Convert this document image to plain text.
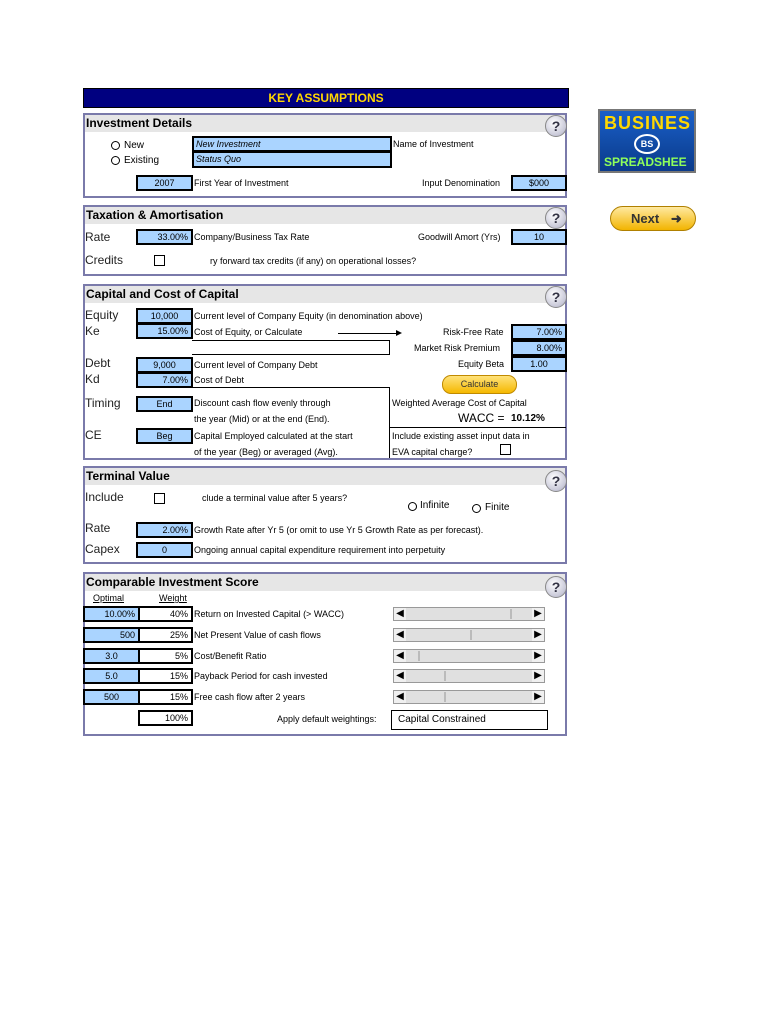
KEY ASSUMPTIONS
BUSINES
BS
SPREADSHEE
Next ➜
Investment Details	?
New
Existing
New Investment
Status Quo
Name of Investment
2007	First Year of Investment	Input Denomination	$000
Taxation & Amortisation	?
Rate	33.00% Company/Business Tax Rate	Goodwill Amort (Yrs)	10
Credits	ry forward tax credits (if any) on operational losses?
Capital and Cost of Capital	?
Equity	10,000	Current level of Company Equity (in denomination above)
Ke	15.00% Cost of Equity, or Calculate	Risk-Free Rate	7.00%
Market Risk Premium	8.00%
Equity Beta	1.00
Debt	9,000	Current level of Company Debt
Kd	7.00% Cost of Debt	Calculate
Timing	End	Discount cash flow evenly through
the year (Mid) or at the end (End).
Weighted Average Cost of Capital
WACC = 10.12%
CE	Beg	Capital Employed calculated at the start
of the year (Beg) or averaged (Avg).
Include existing asset input data in
EVA capital charge?
Terminal Value	?
Include	clude a terminal value after 5 years?
Infinite	Finite
Rate	2.00% Growth Rate after Yr 5 (or omit to use Yr 5 Growth Rate as per forecast).
Capex	0	Ongoing annual capital expenditure requirement into perpetuity
Comparable Investment Score	?
Optimal	Weight
10.00%	40% Return on Invested Capital (> WACC)	◀	▶
500	25% Net Present Value of cash flows	◀	▶
3.0	5% Cost/Benefit Ratio	◀	▶
5.0	15% Payback Period for cash invested	◀	▶
500	15% Free cash flow after 2 years	◀	▶
100%	Apply default weightings:	Capital Constrained
